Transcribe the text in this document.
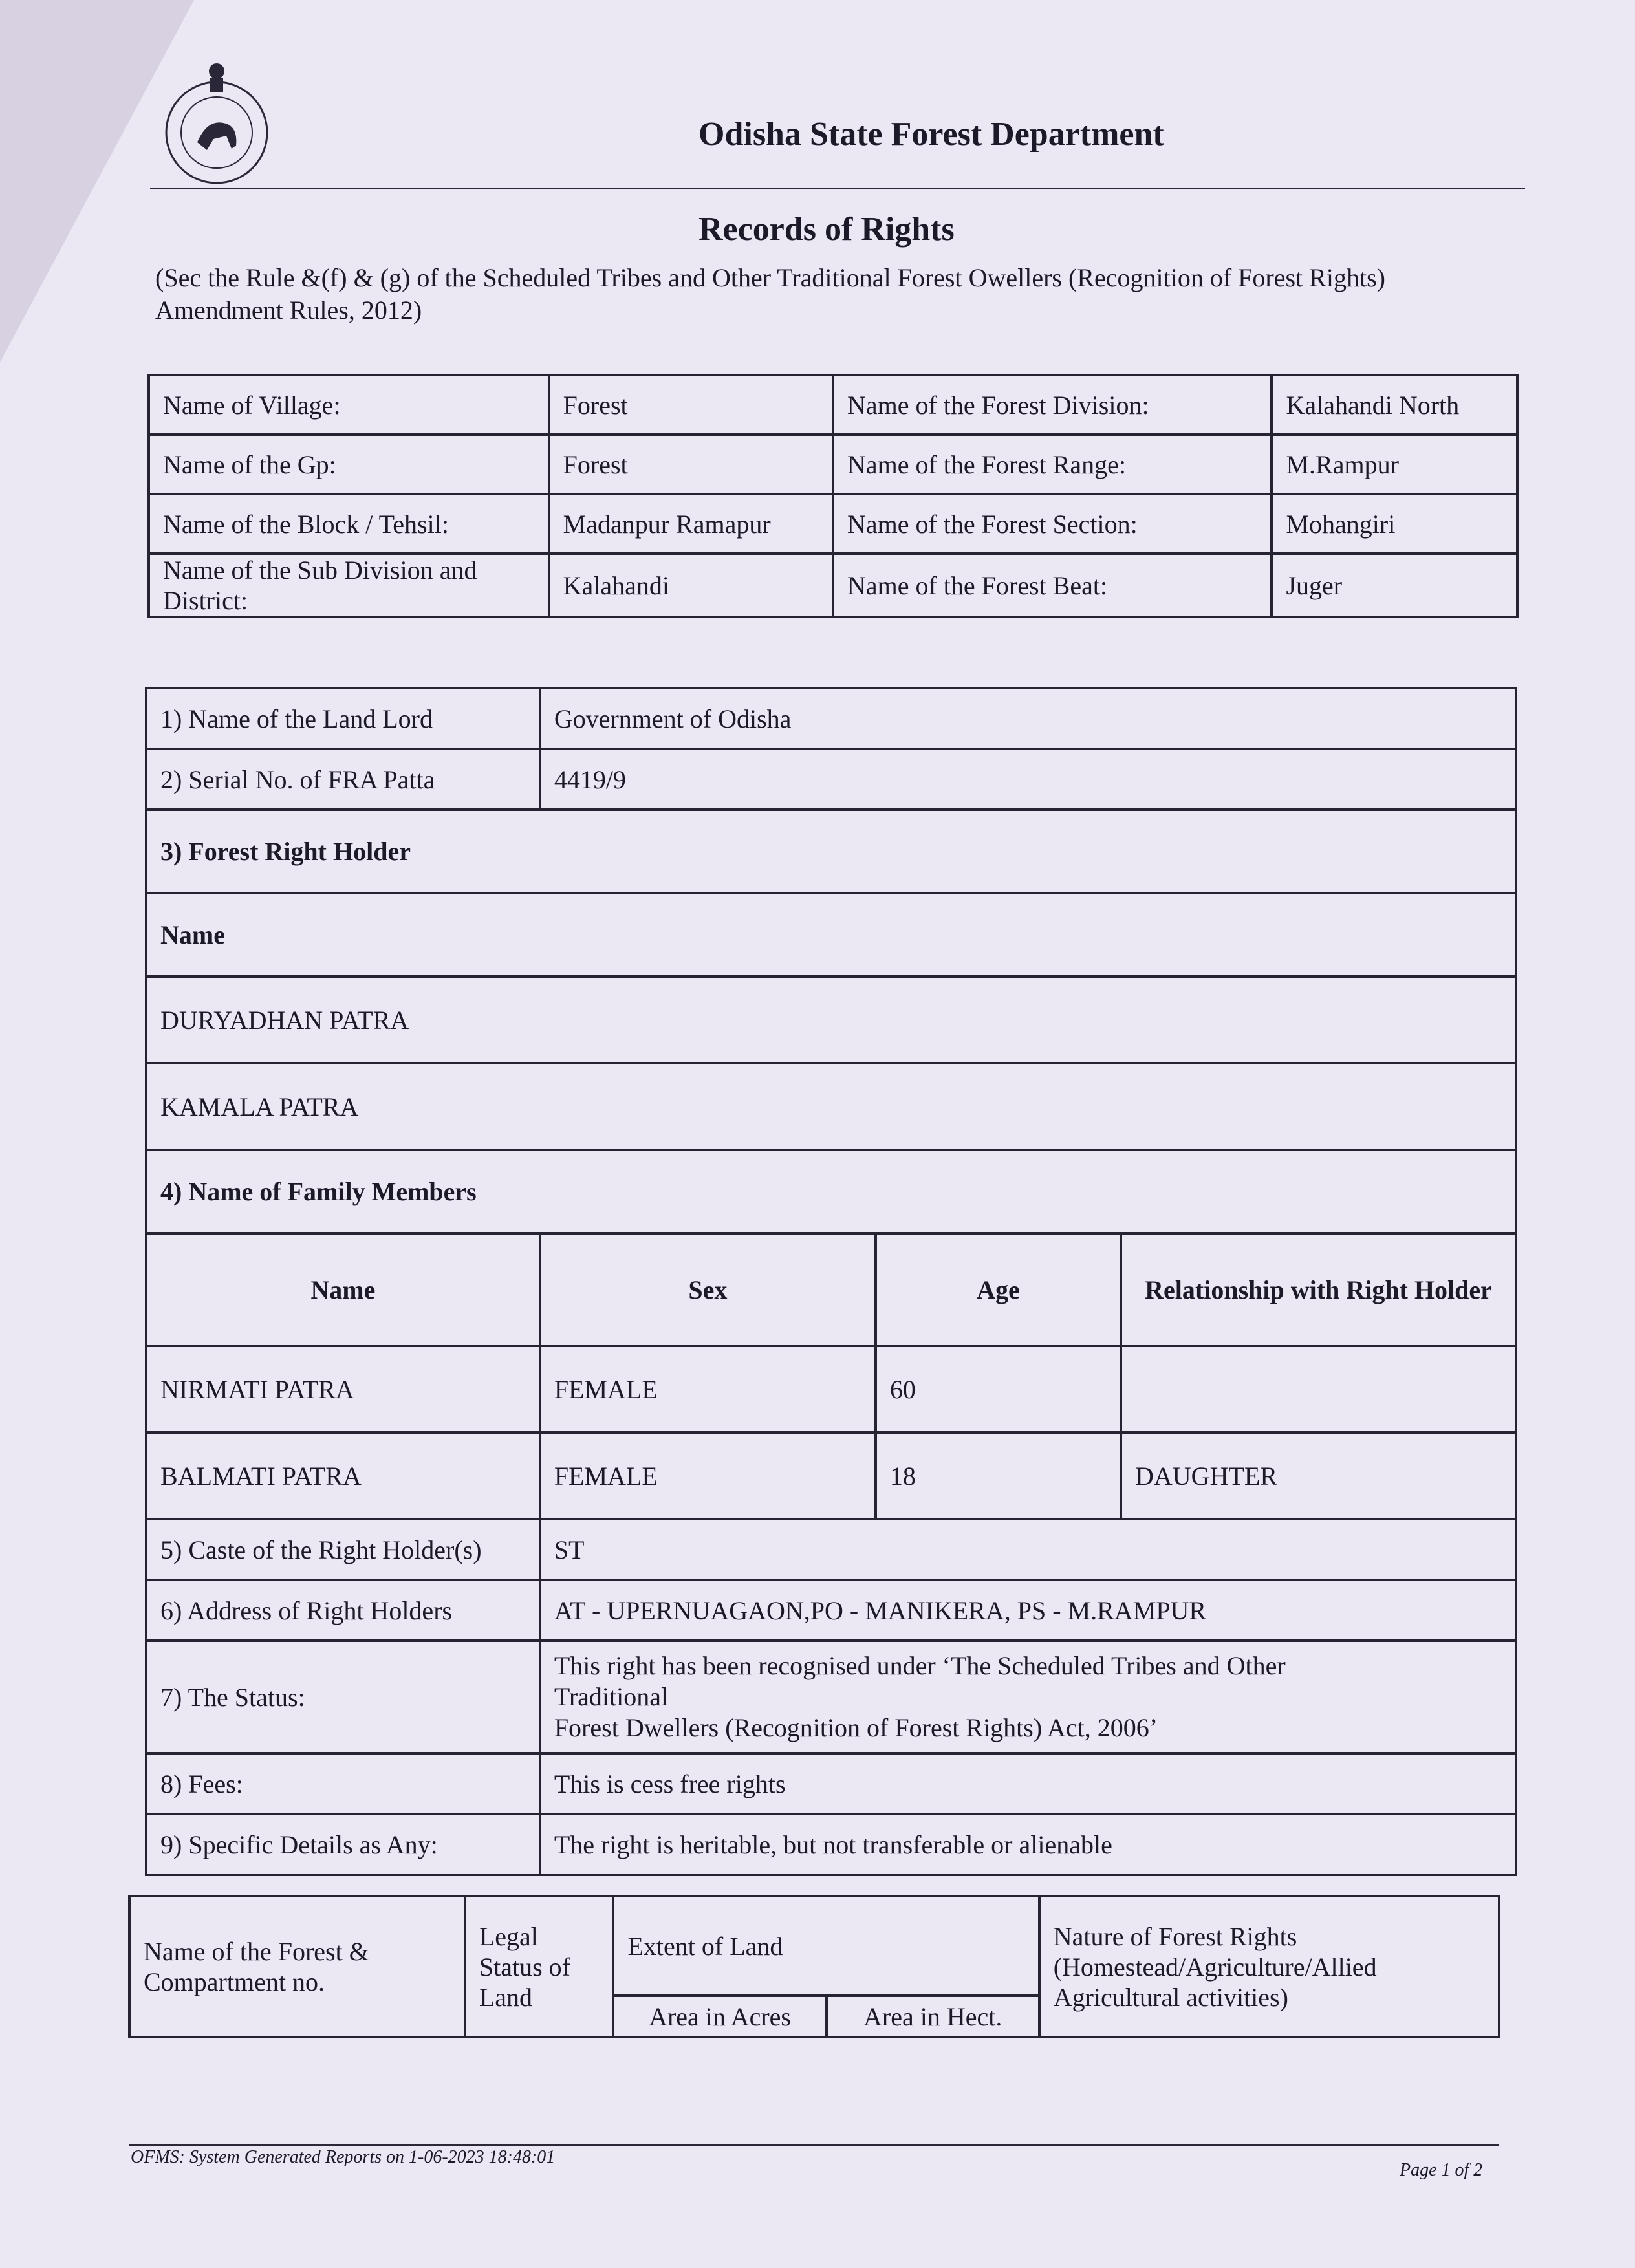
Odisha State Forest Department
Records of Rights
(Sec the Rule &(f) & (g) of the Scheduled Tribes and Other Traditional Forest Owellers (Recognition of Forest Rights) Amendment Rules, 2012)
Name of Village:	Forest	Name of the Forest Division:	Kalahandi North
Name of the Gp:	Forest	Name of the Forest Range:	M.Rampur
Name of the Block / Tehsil:	Madanpur Ramapur	Name of the Forest Section:	Mohangiri
Name of the Sub Division and District:	Kalahandi	Name of the Forest Beat:	Juger
1) Name of the Land Lord	Government of Odisha		
2) Serial No. of FRA Patta	4419/9		
3) Forest Right Holder			
Name			
DURYADHAN PATRA			
KAMALA PATRA			
4) Name of Family Members			
Name	Sex	Age	Relationship with Right Holder
NIRMATI PATRA	FEMALE	60	
BALMATI PATRA	FEMALE	18	DAUGHTER
5) Caste of the Right Holder(s)	ST		
6) Address of Right Holders	AT - UPERNUAGAON,PO - MANIKERA, PS - M.RAMPUR		
7) The Status:	This right has been recognised under ‘The Scheduled Tribes and Other
Traditional
Forest Dwellers (Recognition of Forest Rights) Act, 2006’		

8) Fees:	This is cess free rights		
9) Specific Details as Any:	The right is heritable, but not transferable or alienable		
Name of the Forest & Compartment no.	Legal Status of Land	Extent of Land		Nature of Forest Rights (Homestead/Agriculture/Allied Agricultural activities)
		Area in Acres	Area in Hect.	
OFMS: System Generated Reports on 1-06-2023 18:48:01
Page 1 of 2
